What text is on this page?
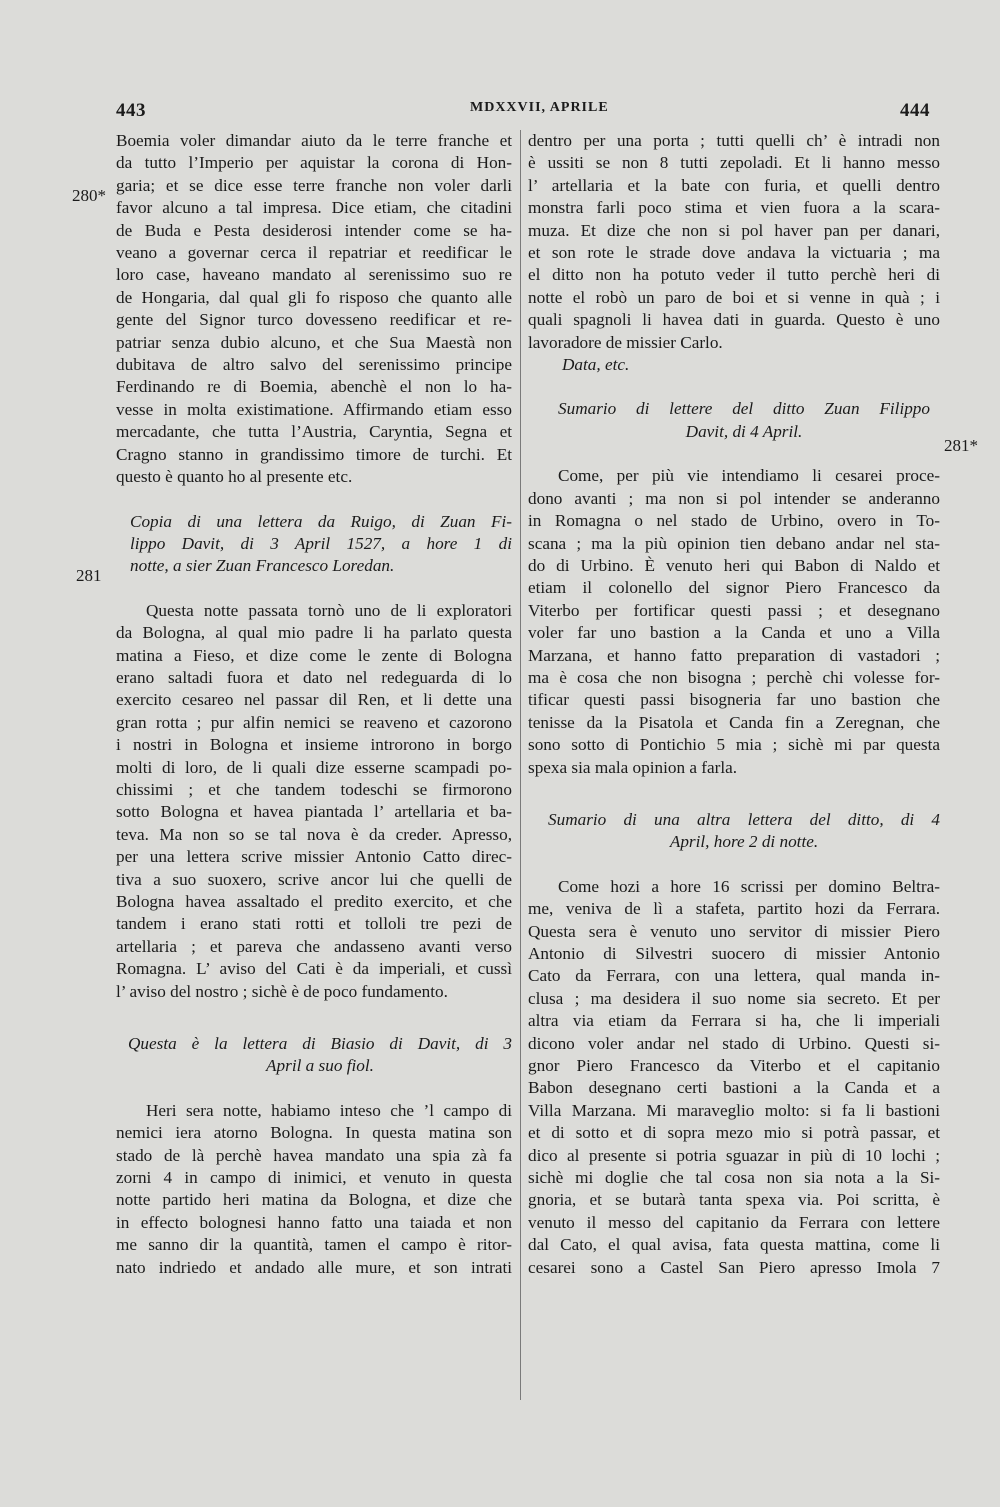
443	MDXXVII, APRILE	444
280*
281
281*
Boemia voler dimandar aiuto da le terre franche et
da tutto l’Imperio per aquistar la corona di Hon-
garia; et se dice esse terre franche non voler darli
favor alcuno a tal impresa. Dice etiam, che citadini
de Buda e Pesta desiderosi intender come se ha-
veano a governar cerca il repatriar et reedificar le
loro case, haveano mandato al serenissimo suo re
de Hongaria, dal qual gli fo risposo che quanto alle
gente del Signor turco dovesseno reedificar et re-
patriar senza dubio alcuno, et che Sua Maestà non
dubitava de altro salvo del serenissimo principe
Ferdinando re di Boemia, abenchè el non lo ha-
vesse in molta existimatione. Affirmando etiam esso
mercadante, che tutta l’Austria, Caryntia, Segna et
Cragno stanno in grandissimo timore de turchi. Et
questo è quanto ho al presente etc.
Copia di una lettera da Ruigo, di Zuan Fi-
lippo Davit, di 3 April 1527, a hore 1 di
notte, a sier Zuan Francesco Loredan.
Questa notte passata tornò uno de li exploratori
da Bologna, al qual mio padre li ha parlato questa
matina a Fieso, et dize come le zente di Bologna
erano saltadi fuora et dato nel redeguarda di lo
exercito cesareo nel passar dil Ren, et li dette una
gran rotta ; pur alfin nemici se reaveno et cazorono
i nostri in Bologna et insieme introrono in borgo
molti di loro, de li quali dize esserne scampadi po-
chissimi ; et che tandem todeschi se firmorono
sotto Bologna et havea piantada l’ artellaria et ba-
teva. Ma non so se tal nova è da creder. Apresso,
per una lettera scrive missier Antonio Catto direc-
tiva a suo suoxero, scrive ancor lui che quelli de
Bologna havea assaltado el predito exercito, et che
tandem i erano stati rotti et tolloli tre pezi de
artellaria ; et pareva che andasseno avanti verso
Romagna. L’ aviso del Cati è da imperiali, et cussì
l’ aviso del nostro ; sichè è de poco fundamento.
Questa è la lettera di Biasio di Davit, di 3
April a suo fiol.
Heri sera notte, habiamo inteso che ’l campo di
nemici iera atorno Bologna. In questa matina son
stado de là perchè havea mandato una spia zà fa
zorni 4 in campo di inimici, et venuto in questa
notte partido heri matina da Bologna, et dize che
in effecto bolognesi hanno fatto una taiada et non
me sanno dir la quantità, tamen el campo è ritor-
nato indriedo et andado alle mure, et son intrati
dentro per una porta ; tutti quelli ch’ è intradi non
è ussiti se non 8 tutti zepoladi. Et li hanno messo
l’ artellaria et la bate con furia, et quelli dentro
monstra farli poco stima et vien fuora a la scara-
muza. Et dize che non si pol haver pan per danari,
et son rote le strade dove andava la victuaria ; ma
el ditto non ha potuto veder il tutto perchè heri di
notte el robò un paro de boi et si venne in quà ; i
quali spagnoli li havea dati in guarda. Questo è uno
lavoradore de missier Carlo.
Data, etc.
Sumario di lettere del ditto Zuan Filippo
Davit, di 4 April.
Come, per più vie intendiamo li cesarei proce-
dono avanti ; ma non si pol intender se anderanno
in Romagna o nel stado de Urbino, overo in To-
scana ; ma la più opinion tien debano andar nel sta-
do di Urbino. È venuto heri qui Babon di Naldo et
etiam il colonello del signor Piero Francesco da
Viterbo per fortificar questi passi ; et desegnano
voler far uno bastion a la Canda et uno a Villa
Marzana, et hanno fatto preparation di vastadori ;
ma è cosa che non bisogna ; perchè chi volesse for-
tificar questi passi bisogneria far uno bastion che
tenisse da la Pisatola et Canda fin a Zeregnan, che
sono sotto di Pontichio 5 mia ; sichè mi par questa
spexa sia mala opinion a farla.
Sumario di una altra lettera del ditto, di 4
April, hore 2 di notte.
Come hozi a hore 16 scrissi per domino Beltra-
me, veniva de lì a stafeta, partito hozi da Ferrara.
Questa sera è venuto uno servitor di missier Piero
Antonio di Silvestri suocero di missier Antonio
Cato da Ferrara, con una lettera, qual manda in-
clusa ; ma desidera il suo nome sia secreto. Et per
altra via etiam da Ferrara si ha, che li imperiali
dicono voler andar nel stado di Urbino. Questi si-
gnor Piero Francesco da Viterbo et el capitanio
Babon desegnano certi bastioni a la Canda et a
Villa Marzana. Mi maraveglio molto: si fa li bastioni
et di sotto et di sopra mezo mio si potrà passar, et
dico al presente si potria sguazar in più di 10 lochi ;
sichè mi doglie che tal cosa non sia nota a la Si-
gnoria, et se butarà tanta spexa via. Poi scritta, è
venuto il messo del capitanio da Ferrara con lettere
dal Cato, el qual avisa, fata questa mattina, come li
cesarei sono a Castel San Piero apresso Imola 7
